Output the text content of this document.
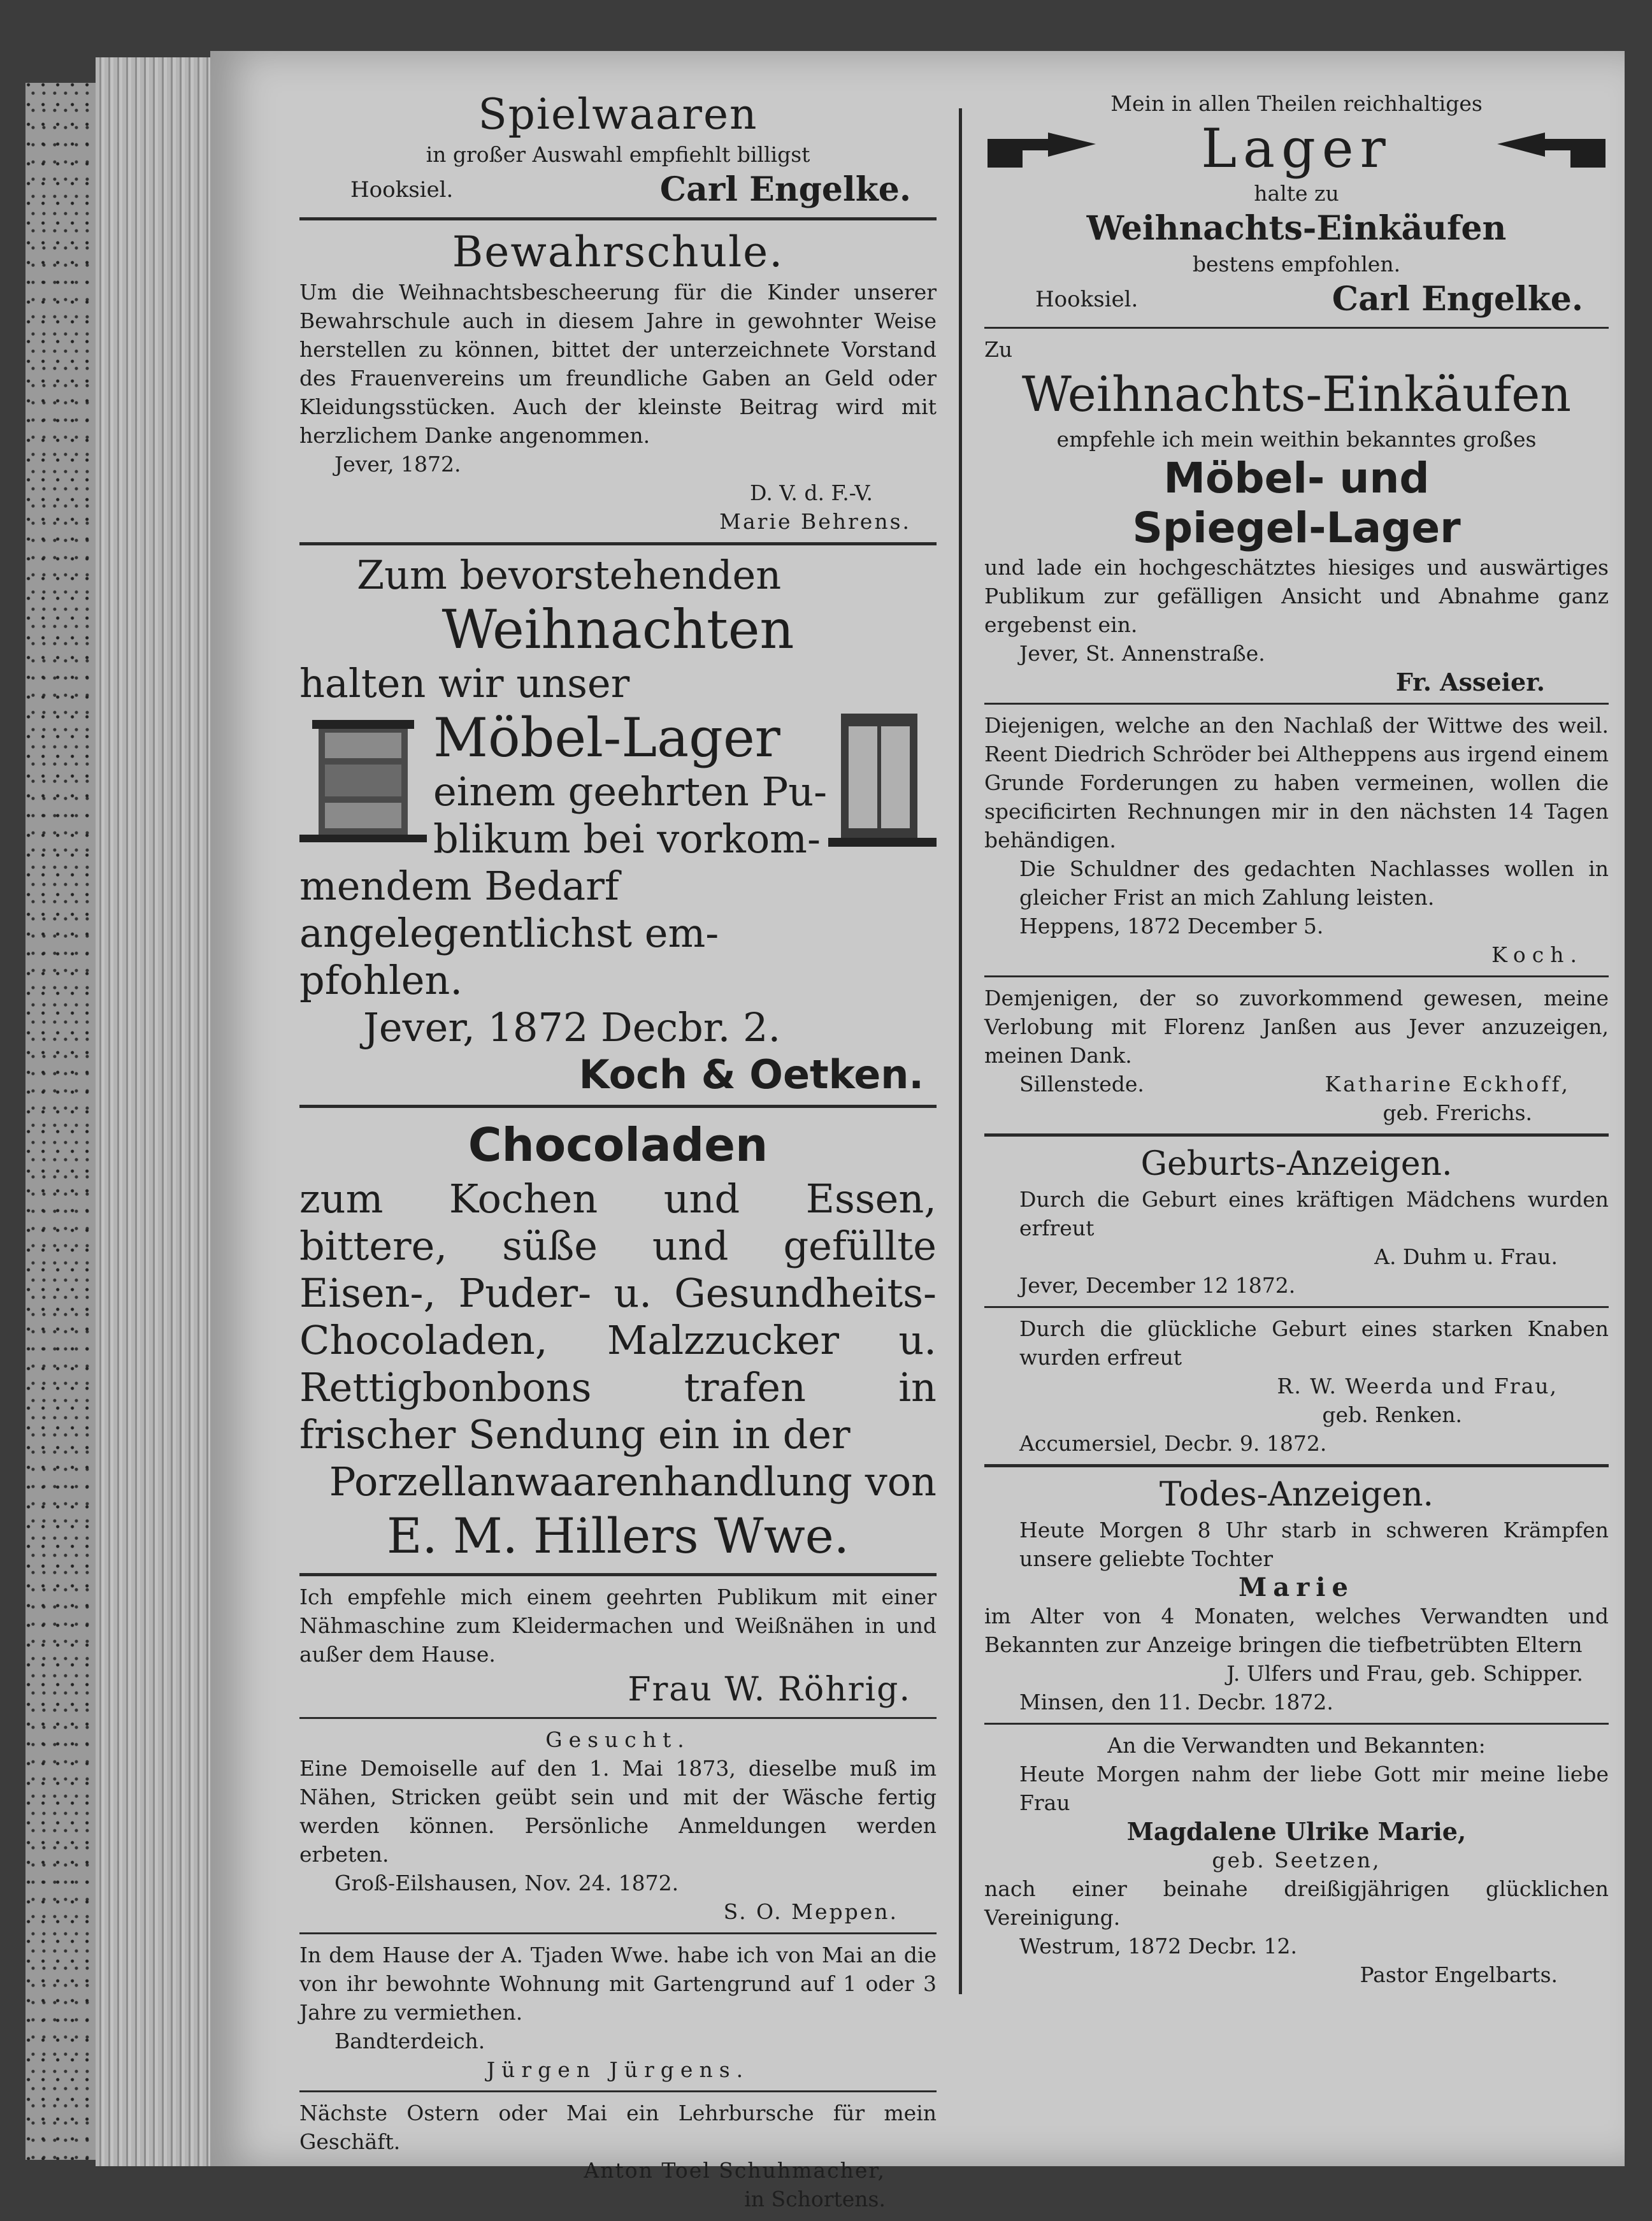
Spielwaaren

in großer Auswahl empfiehlt billigst

Hooksiel.	Carl Engelke.
Bewahrschule.

Um die Weihnachtsbescheerung für die Kinder unserer Bewahrschule auch in diesem Jahre in gewohnter Weise herstellen zu können, bittet der unterzeichnete Vorstand des Frauenvereins um freundliche Gaben an Geld oder Kleidungsstücken. Auch der kleinste Beitrag wird mit herzlichem Danke angenommen.

Jever, 1872.

D. V. d. F.-V.

Marie Behrens.

Zum bevorstehenden
Weihnachten
halten wir unser
Möbel-Lager
einem geehrten Pu-
blikum bei vorkom-
mendem Bedarf angelegentlichst em-
pfohlen.
Jever, 1872 Decbr. 2.
Koch & Oetken.
Chocoladen

zum Kochen und Essen, bittere, süße und gefüllte Eisen-, Puder- u. Gesundheits-Chocoladen, Malzzucker u. Rettigbonbons trafen in frischer Sendung ein in der

Porzellanwaarenhandlung von
E. M. Hillers Wwe.

Ich empfehle mich einem geehrten Publikum mit einer Nähmaschine zum Kleidermachen und Weißnähen in und außer dem Hause.

Frau W. Röhrig.

Gesucht.

Eine Demoiselle auf den 1. Mai 1873, dieselbe muß im Nähen, Stricken geübt sein und mit der Wäsche fertig werden können. Persönliche Anmeldungen werden erbeten.

Groß-Eilshausen, Nov. 24. 1872.

S. O. Meppen.

In dem Hause der A. Tjaden Wwe. habe ich von Mai an die von ihr bewohnte Wohnung mit Gartengrund auf 1 oder 3 Jahre zu vermiethen.

Bandterdeich.

Jürgen Jürgens.

Nächste Ostern oder Mai ein Lehrbursche für mein Geschäft.

Anton Toel Schuhmacher,

in Schortens.

Mein in allen Theilen reichhaltiges

Lager

halte zu

Weihnachts-Einkäufen

bestens empfohlen.

Hooksiel.	Carl Engelke.

Zu

Weihnachts-Einkäufen

empfehle ich mein weithin bekanntes großes

Möbel- und
Spiegel-Lager

und lade ein hochgeschätztes hiesiges und auswärtiges Publikum zur gefälligen Ansicht und Abnahme ganz ergebenst ein.

Jever, St. Annenstraße.

Fr. Asseier.

Diejenigen, welche an den Nachlaß der Wittwe des weil. Reent Diedrich Schröder bei Altheppens aus irgend einem Grunde Forderungen zu haben vermeinen, wollen die specificirten Rechnungen mir in den nächsten 14 Tagen behändigen.

Die Schuldner des gedachten Nachlasses wollen in gleicher Frist an mich Zahlung leisten.

Heppens, 1872 December 5.

Koch.

Demjenigen, der so zuvorkommend gewesen, meine Verlobung mit Florenz Janßen aus Jever anzuzeigen, meinen Dank.

Sillenstede.	Katharine Eckhoff,

geb. Frerichs.

Geburts-Anzeigen.

Durch die Geburt eines kräftigen Mädchens wurden erfreut

A. Duhm u. Frau.

Jever, December 12 1872.

Durch die glückliche Geburt eines starken Knaben wurden erfreut

R. W. Weerda und Frau,

geb. Renken.

Accumersiel, Decbr. 9. 1872.

Todes-Anzeigen.

Heute Morgen 8 Uhr starb in schweren Krämpfen unsere geliebte Tochter

Marie

im Alter von 4 Monaten, welches Verwandten und Bekannten zur Anzeige bringen die tiefbetrübten Eltern

J. Ulfers und Frau, geb. Schipper.

Minsen, den 11. Decbr. 1872.

An die Verwandten und Bekannten:

Heute Morgen nahm der liebe Gott mir meine liebe Frau

Magdalene Ulrike Marie,

geb. Seetzen,

nach einer beinahe dreißigjährigen glücklichen Vereinigung.

Westrum, 1872 Decbr. 12.

Pastor Engelbarts.
